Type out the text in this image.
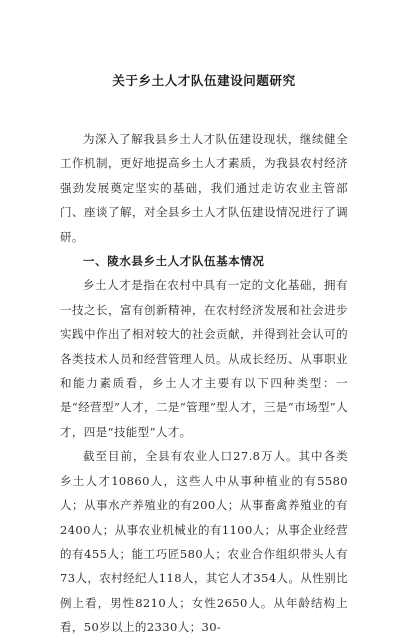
关于乡土人才队伍建设问题研究

为深入了解我县乡土人才队伍建设现状，继续健全工作机制，更好地提高乡土人才素质，为我县农村经济强劲发展奠定坚实的基础，我们通过走访农业主管部门、座谈了解，对全县乡土人才队伍建设情况进行了调研。

一、陵水县乡土人才队伍基本情况

乡土人才是指在农村中具有一定的文化基础，拥有一技之长，富有创新精神，在农村经济发展和社会进步实践中作出了相对较大的社会贡献，并得到社会认可的各类技术人员和经营管理人员。从成长经历、从事职业和能力素质看，乡土人才主要有以下四种类型：一是“经营型”人才，二是“管理”型人才，三是“市场型”人才，四是“技能型”人才。

截至目前，全县有农业人口27.8万人。其中各类乡土人才10860人，这些人中从事种植业的有5580人；从事水产养殖业的有200人；从事畜禽养殖业的有2400人；从事农业机械业的有1100人；从事企业经营的有455人；能工巧匠580人；农业合作组织带头人有73人，农村经纪人118人，其它人才354人。从性别比例上看，男性8210人；女性2650人。从年龄结构上看，50岁以上的2330人；30-
